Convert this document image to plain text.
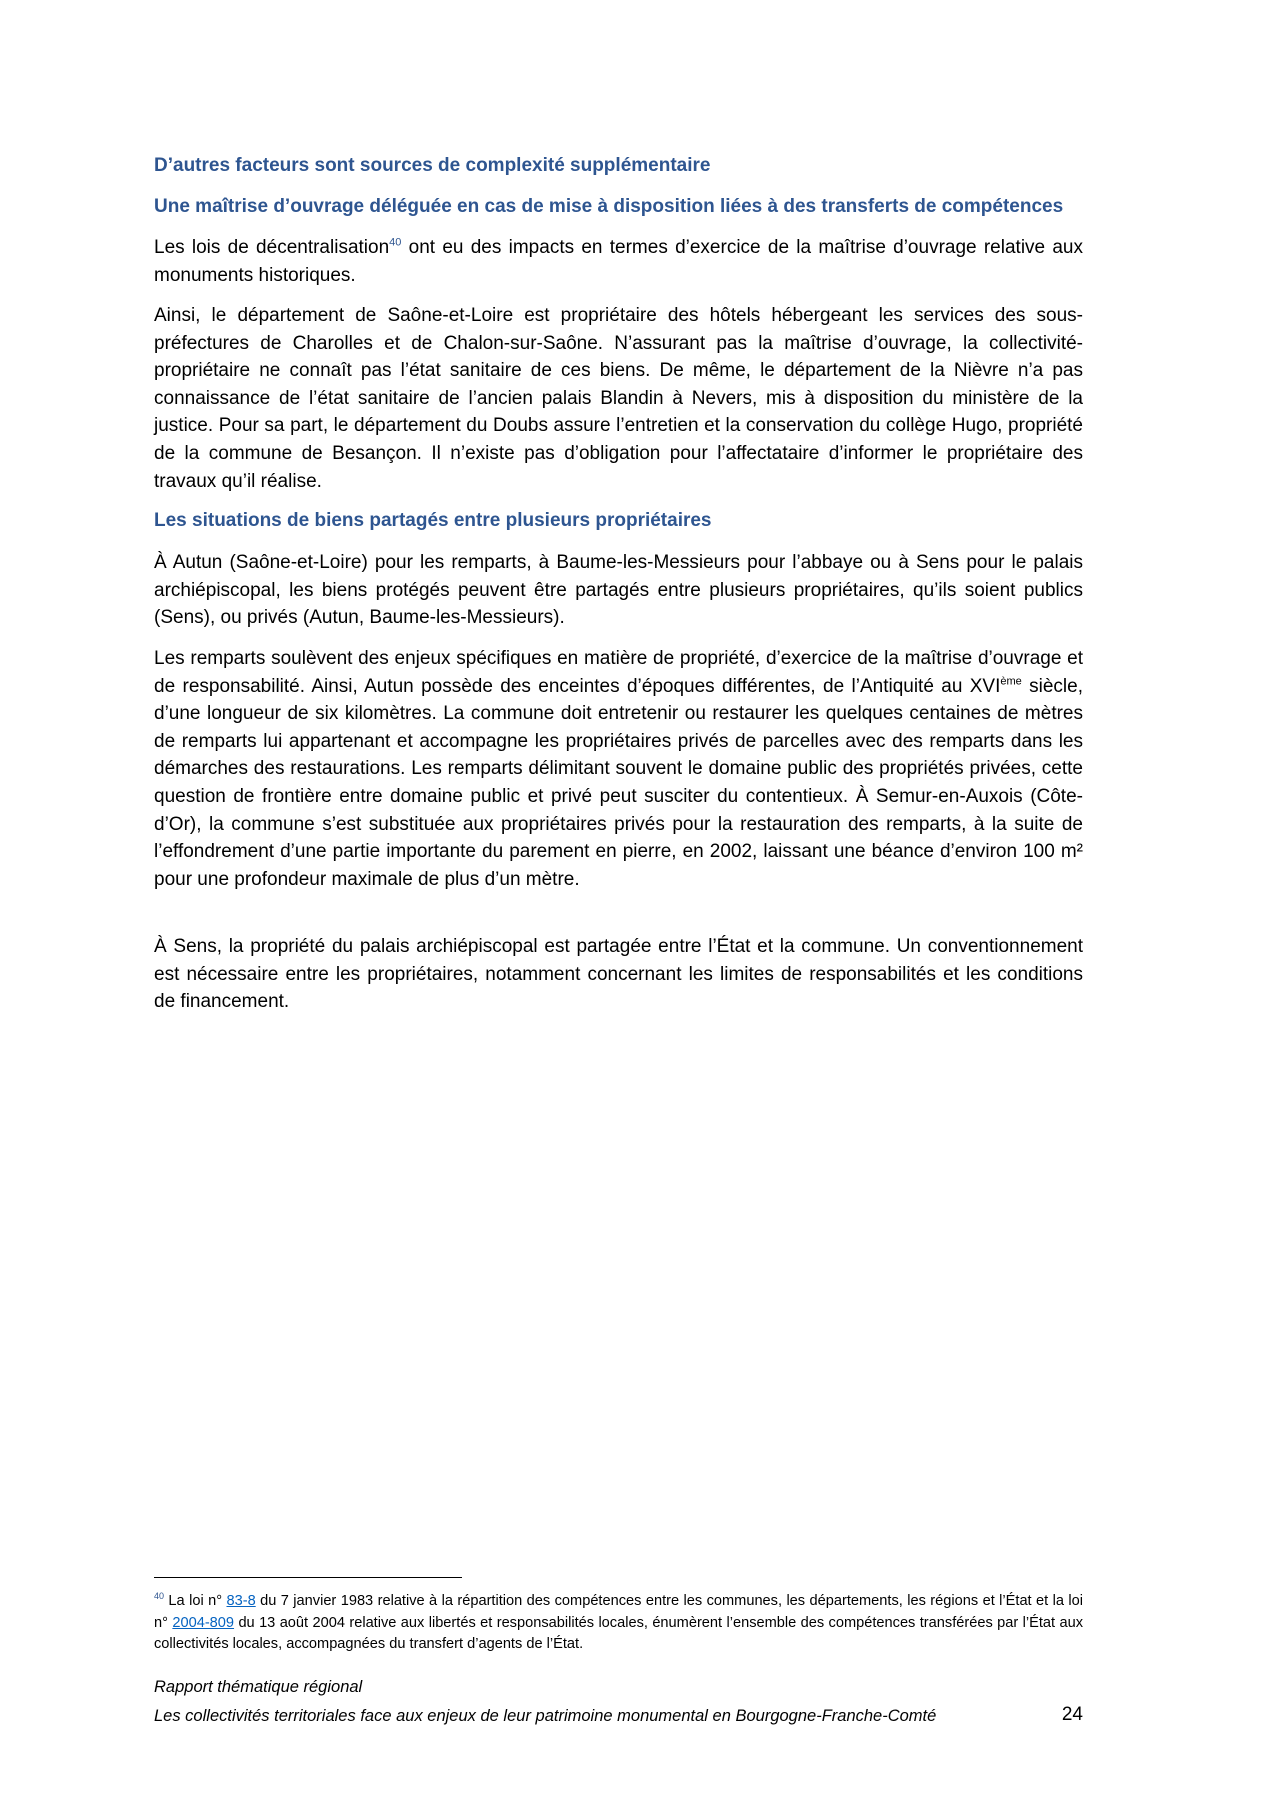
D’autres facteurs sont sources de complexité supplémentaire
Une maîtrise d’ouvrage déléguée en cas de mise à disposition liées à des transferts de compétences

Les lois de décentralisation$^{40}$ ont eu des impacts en termes d’exercice de la maîtrise d’ouvrage relative aux monuments historiques.

Ainsi, le département de Saône-et-Loire est propriétaire des hôtels hébergeant les services des sous-préfectures de Charolles et de Chalon-sur-Saône. N’assurant pas la maîtrise d’ouvrage, la collectivité-propriétaire ne connaît pas l’état sanitaire de ces biens. De même, le département de la Nièvre n’a pas connaissance de l’état sanitaire de l’ancien palais Blandin à Nevers, mis à disposition du ministère de la justice. Pour sa part, le département du Doubs assure l’entretien et la conservation du collège Hugo, propriété de la commune de Besançon. Il n’existe pas d’obligation pour l’affectataire d’informer le propriétaire des travaux qu’il réalise.

Les situations de biens partagés entre plusieurs propriétaires

À Autun (Saône-et-Loire) pour les remparts, à Baume-les-Messieurs pour l’abbaye ou à Sens pour le palais archiépiscopal, les biens protégés peuvent être partagés entre plusieurs propriétaires, qu’ils soient publics (Sens), ou privés (Autun, Baume-les-Messieurs).

Les remparts soulèvent des enjeux spécifiques en matière de propriété, d’exercice de la maîtrise d’ouvrage et de responsabilité. Ainsi, Autun possède des enceintes d’époques différentes, de l’Antiquité au XVIème siècle, d’une longueur de six kilomètres. La commune doit entretenir ou restaurer les quelques centaines de mètres de remparts lui appartenant et accompagne les propriétaires privés de parcelles avec des remparts dans les démarches des restaurations. Les remparts délimitant souvent le domaine public des propriétés privées, cette question de frontière entre domaine public et privé peut susciter du contentieux. À Semur-en-Auxois (Côte-d’Or), la commune s’est substituée aux propriétaires privés pour la restauration des remparts, à la suite de l’effondrement d’une partie importante du parement en pierre, en 2002, laissant une béance d’environ 100 m² pour une profondeur maximale de plus d’un mètre.

À Sens, la propriété du palais archiépiscopal est partagée entre l’État et la commune. Un conventionnement est nécessaire entre les propriétaires, notamment concernant les limites de responsabilités et les conditions de financement.

$^{40}$ La loi n° 83-8 du 7 janvier 1983 relative à la répartition des compétences entre les communes, les départements, les régions et l’État et la loi n° 2004-809 du 13 août 2004 relative aux libertés et responsabilités locales, énumèrent l’ensemble des compétences transférées par l’État aux collectivités locales, accompagnées du transfert d’agents de l’État.

Rapport thématique régional

Les collectivités territoriales face aux enjeux de leur patrimoine monumental en Bourgogne-Franche-Comté	24
